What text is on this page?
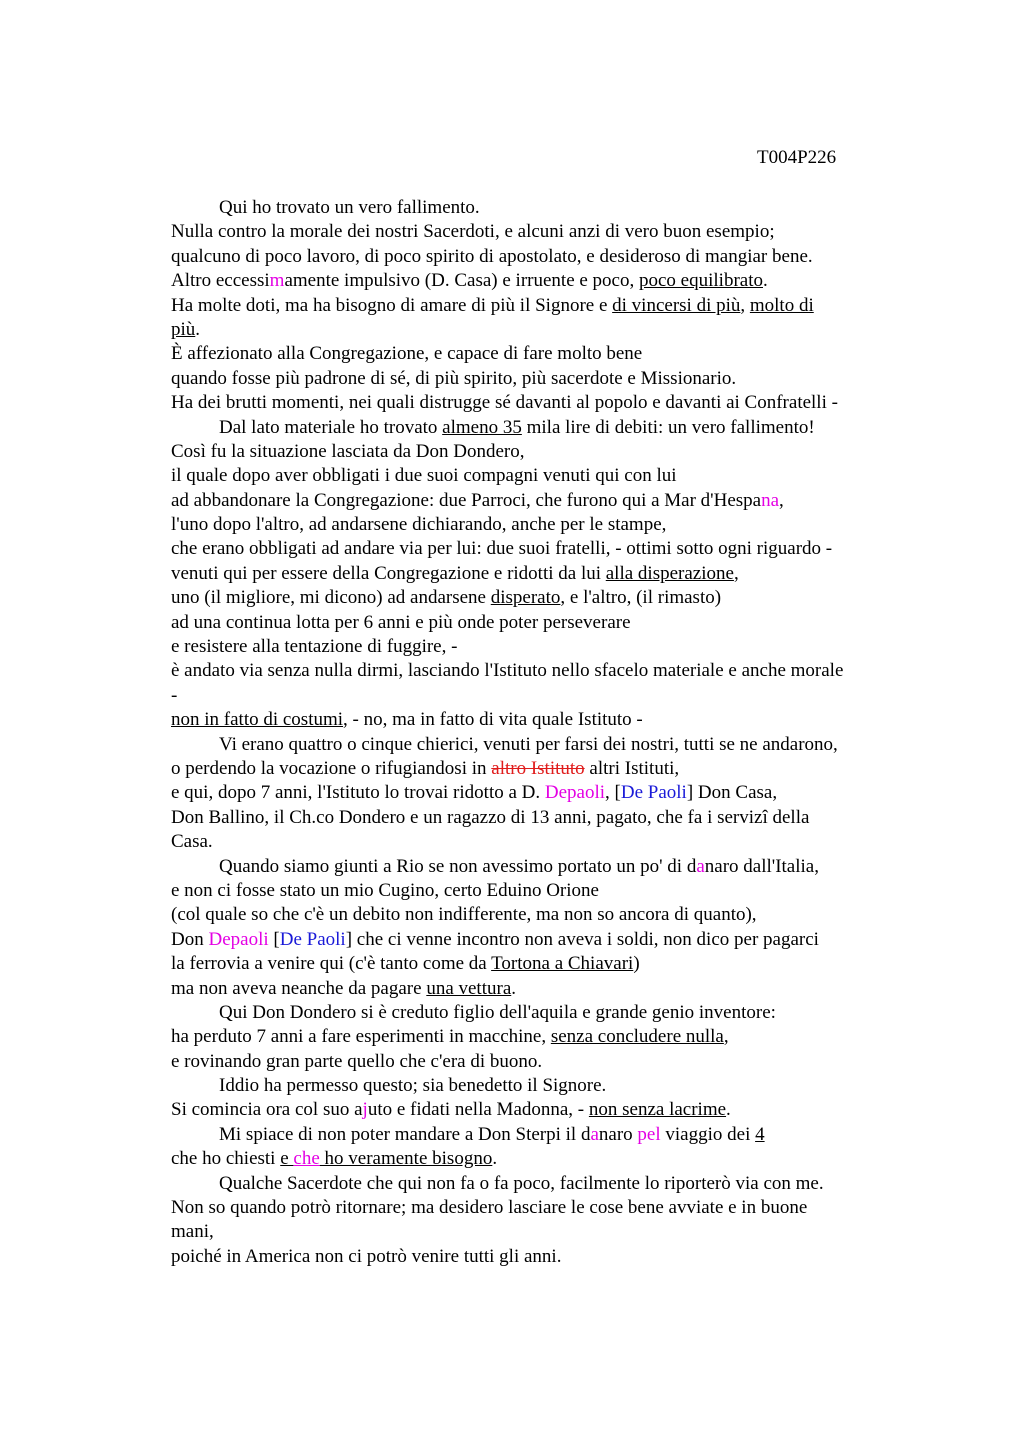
T004P226
Qui ho trovato un vero fallimento.
Nulla contro la morale dei nostri Sacerdoti, e alcuni anzi di vero buon esempio;
qualcuno di poco lavoro, di poco spirito di apostolato, e desideroso di mangiar bene.
Altro eccessimamente impulsivo (D. Casa) e irruente e poco, poco equilibrato.
Ha molte doti, ma ha bisogno di amare di più il Signore e di vincersi di più, molto di
più.
È affezionato alla Congregazione, e capace di fare molto bene
quando fosse più padrone di sé, di più spirito, più sacerdote e Missionario.
Ha dei brutti momenti, nei quali distrugge sé davanti al popolo e davanti ai Confratelli -
Dal lato materiale ho trovato almeno 35 mila lire di debiti: un vero fallimento!
Così fu la situazione lasciata da Don Dondero,
il quale dopo aver obbligati i due suoi compagni venuti qui con lui
ad abbandonare la Congregazione: due Parroci, che furono qui a Mar d'Hespana,
l'uno dopo l'altro, ad andarsene dichiarando, anche per le stampe,
che erano obbligati ad andare via per lui: due suoi fratelli, - ottimi sotto ogni riguardo -
venuti qui per essere della Congregazione e ridotti da lui alla disperazione,
uno (il migliore, mi dicono) ad andarsene disperato, e l'altro, (il rimasto)
ad una continua lotta per 6 anni e più onde poter perseverare
e resistere alla tentazione di fuggire, -
è andato via senza nulla dirmi, lasciando l'Istituto nello sfacelo materiale e anche morale
-
non in fatto di costumi, - no, ma in fatto di vita quale Istituto -
Vi erano quattro o cinque chierici, venuti per farsi dei nostri, tutti se ne andarono,
o perdendo la vocazione o rifugiandosi in altro Istituto altri Istituti,
e qui, dopo 7 anni, l'Istituto lo trovai ridotto a D. Depaoli, [De Paoli] Don Casa,
Don Ballino, il Ch.co Dondero e un ragazzo di 13 anni, pagato, che fa i servizi della
Casa.
Quando siamo giunti a Rio se non avessimo portato un po' di danaro dall'Italia,
e non ci fosse stato un mio Cugino, certo Eduino Orione
(col quale so che c'è un debito non indifferente, ma non so ancora di quanto),
Don Depaoli [De Paoli] che ci venne incontro non aveva i soldi, non dico per pagarci
la ferrovia a venire qui (c'è tanto come da Tortona a Chiavari)
ma non aveva neanche da pagare una vettura.
Qui Don Dondero si è creduto figlio dell'aquila e grande genio inventore:
ha perduto 7 anni a fare esperimenti in macchine, senza concludere nulla,
e rovinando gran parte quello che c'era di buono.
Iddio ha permesso questo; sia benedetto il Signore.
Si comincia ora col suo ajuto e fidati nella Madonna, - non senza lacrime.
Mi spiace di non poter mandare a Don Sterpi il danaro pel viaggio dei 4
che ho chiesti e che ho veramente bisogno.
Qualche Sacerdote che qui non fa o fa poco, facilmente lo riporterò via con me.
Non so quando potrò ritornare; ma desidero lasciare le cose bene avviate e in buone
mani,
poiché in America non ci potrò venire tutti gli anni.
